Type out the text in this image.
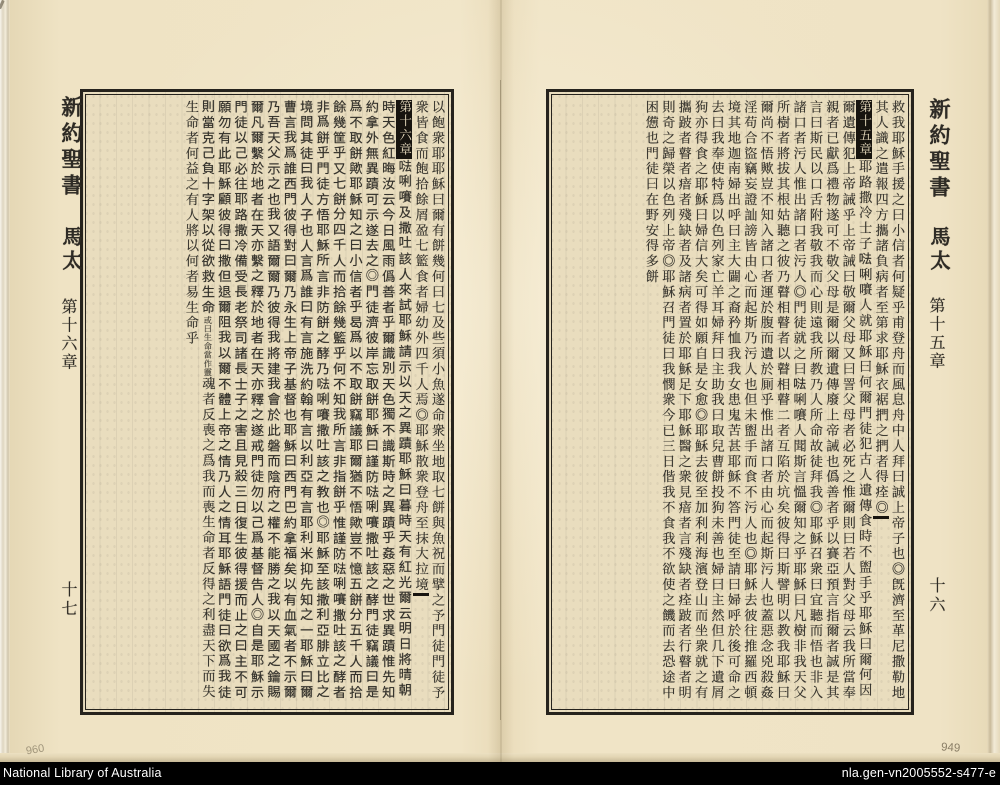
以飽衆耶耶穌曰爾有餅幾何曰七及些須小魚遂命衆坐地取七餅與魚祝而擘之予門徒門徒予衆皆食而飽拾餘屑盈七籃食者婦幼外四千人焉◎耶穌散衆登舟至抹大拉境第十六章𠵽唎㘔及撒吐該人來試耶穌請示以天之異蹟耶穌曰暮時天有紅光爾云明日將晴朝時天色紅晦汝云今日風雨僞善者乎爾識別天色獨不識斯時之異蹟乎姦惡之世求異蹟惟先知約拿外無異蹟可示遂去之◎門徒濟彼岸忘取餅耶穌曰謹防𠵽唎㘔撒吐該之酵門徒竊議曰是爲不取餅歟耶穌知之曰小信者乎曷爲以不取餅竊議耶爾猶不悟歟豈不憶五餅分五千人而拾餘幾筐乎又七餅分四千人而拾餘幾籃乎何不知我所言非指餅乎惟謹防𠵽唎㘔撒吐該之酵者非爲餅乎門徒方悟耶穌所言非防餅之酵乃𠵽唎㘔撒吐該之教也◎耶穌至該撒利亞腓立比之境問其徒曰我人子也人言爲誰曰有言施洗約翰有言以利亞有言耶利米抑先知之一耶穌曰爾曹言我爲誰西門彼得對曰爾乃永生上帝子基督也耶穌曰西門巴約拿福矣以有血氣者不示爾乃吾天父示之也我又語爾爾乃彼得我將建我會於此磐而陰府之權不能勝之我以天國之鑰賜爾凡爾繫於地者在天亦繫之釋於地者在天亦釋之遂戒門徒勿以己爲基督告人◎自是耶穌示門徒以己必往耶路撒冷備受長老祭司諸長士子之害且見殺三日復生彼得援而止之曰主不可願勿有此耶穌顧彼得曰撒但退爾阻我以爾不體上帝之情乃人之情耳耶穌語門徒曰欲爲我徒則當克己負十字架以從欲救生命或曰生命當作靈魂者反喪之爲我而喪生命者反得之利盡天下而失生命者何益之有人將以何者易生命乎	救我耶穌手援之曰小信者何疑乎甫登舟而風息舟中人拜曰誠上帝子也◎旣濟至革尼撒勒地其人識之遣報四方攜諸負病者至第求耶穌衣裾捫之捫者得痊◎第十五章耶路撒冷士子𠵽唎㘔人就耶穌曰何爾門徒犯古人遺傳食時不盥手乎耶穌曰爾何因爾遺傳犯上帝誡乎上帝誡曰敬爾父母又曰詈父母者必死之惟爾則曰若人對父母云我所當奉親者已獻爲禮物遂可不敬父母是爾以爾遺傳廢上帝誡也僞善者乎以賽亞預言指爾者誠是其言曰斯民以口舌附我敬我而心則遠我所教乃人所命故徒拜我◎耶穌召衆曰宜聽而悟也非入諸口者污人惟出諸口者污人◎門徒就之曰𠵽唎㘔人聞斯言慍爾知之乎耶穌曰凡樹非我天父所樹者將拔其根姑聽之彼乃瞽相瞽者以瞽相瞽二者互陷於坑矣彼得曰斯譬明以教我耶穌曰爾尚不悟歟豈不知入諸口者運於腹而遺於厠乎惟出諸口者由心而起斯污人也蓋惡念兇殺姦淫苟合盜竊妄證訕謗皆由心而起斯乃污人也但未盥手而食不污人也◎耶穌去彼往推羅西頓境其地迦南婦出呼曰主大闢之裔矜恤我我女患鬼苦甚耶穌不答門徒至請曰婦呼於後可命之去曰我奉使特爲以色列家亡羊耳婦拜曰主助我曰取兒曹餅投狗未善也婦曰主然但几下遺屑狗亦得食之耶穌曰婦信大矣可得如願自是女愈◎耶穌去彼至加利利海濱登山而坐衆就之有攜跛者瞽者瘖者殘缺者及諸病者置於耶穌足下耶穌醫之衆見瘖者言殘缺者痊跛者行瞽者明則奇之歸榮以色列上帝◎耶穌召門徒曰我憫衆今已三日偕我不食我不欲使之饑而去恐途中困憊也門徒曰在野安得多餅	新約聖書
馬太
第十五章
十六
新約聖書
馬太
第十六章
十七
960	949
National Library of Australia	nla.gen-vn2005552-s477-e
